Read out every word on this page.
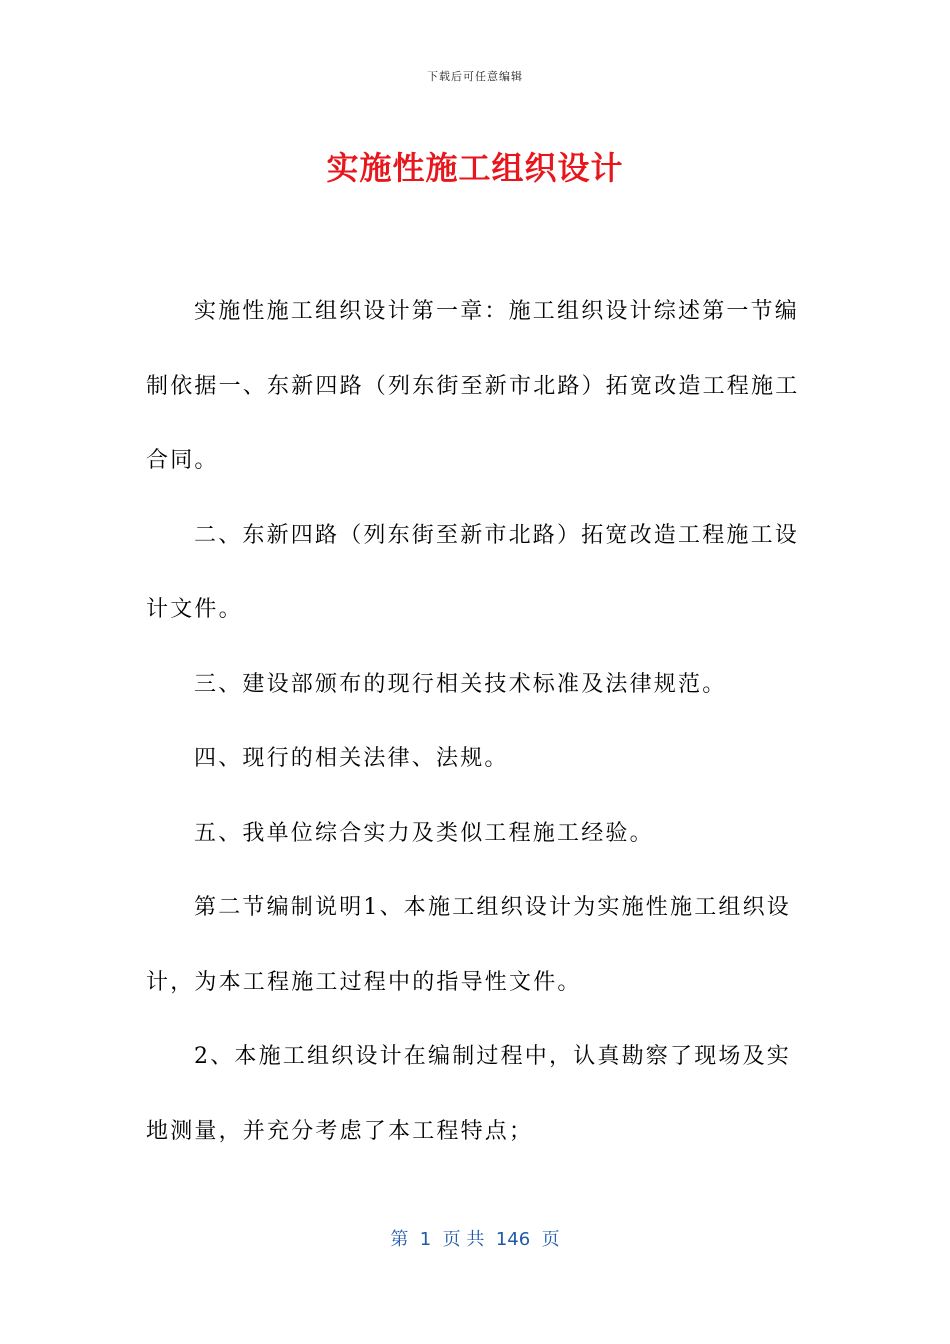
下载后可任意编辑
实施性施工组织设计

实施性施工组织设计第一章：施工组织设计综述第一节编制依据一、东新四路（列东街至新市北路）拓宽改造工程施工合同。

二、东新四路（列东街至新市北路）拓宽改造工程施工设计文件。

三、建设部颁布的现行相关技术标准及法律规范。

四、现行的相关法律、法规。

五、我单位综合实力及类似工程施工经验。

第二节编制说明1、本施工组织设计为实施性施工组织设计，为本工程施工过程中的指导性文件。

2、本施工组织设计在编制过程中，认真勘察了现场及实地测量，并充分考虑了本工程特点；

第  1  页 共  146  页
